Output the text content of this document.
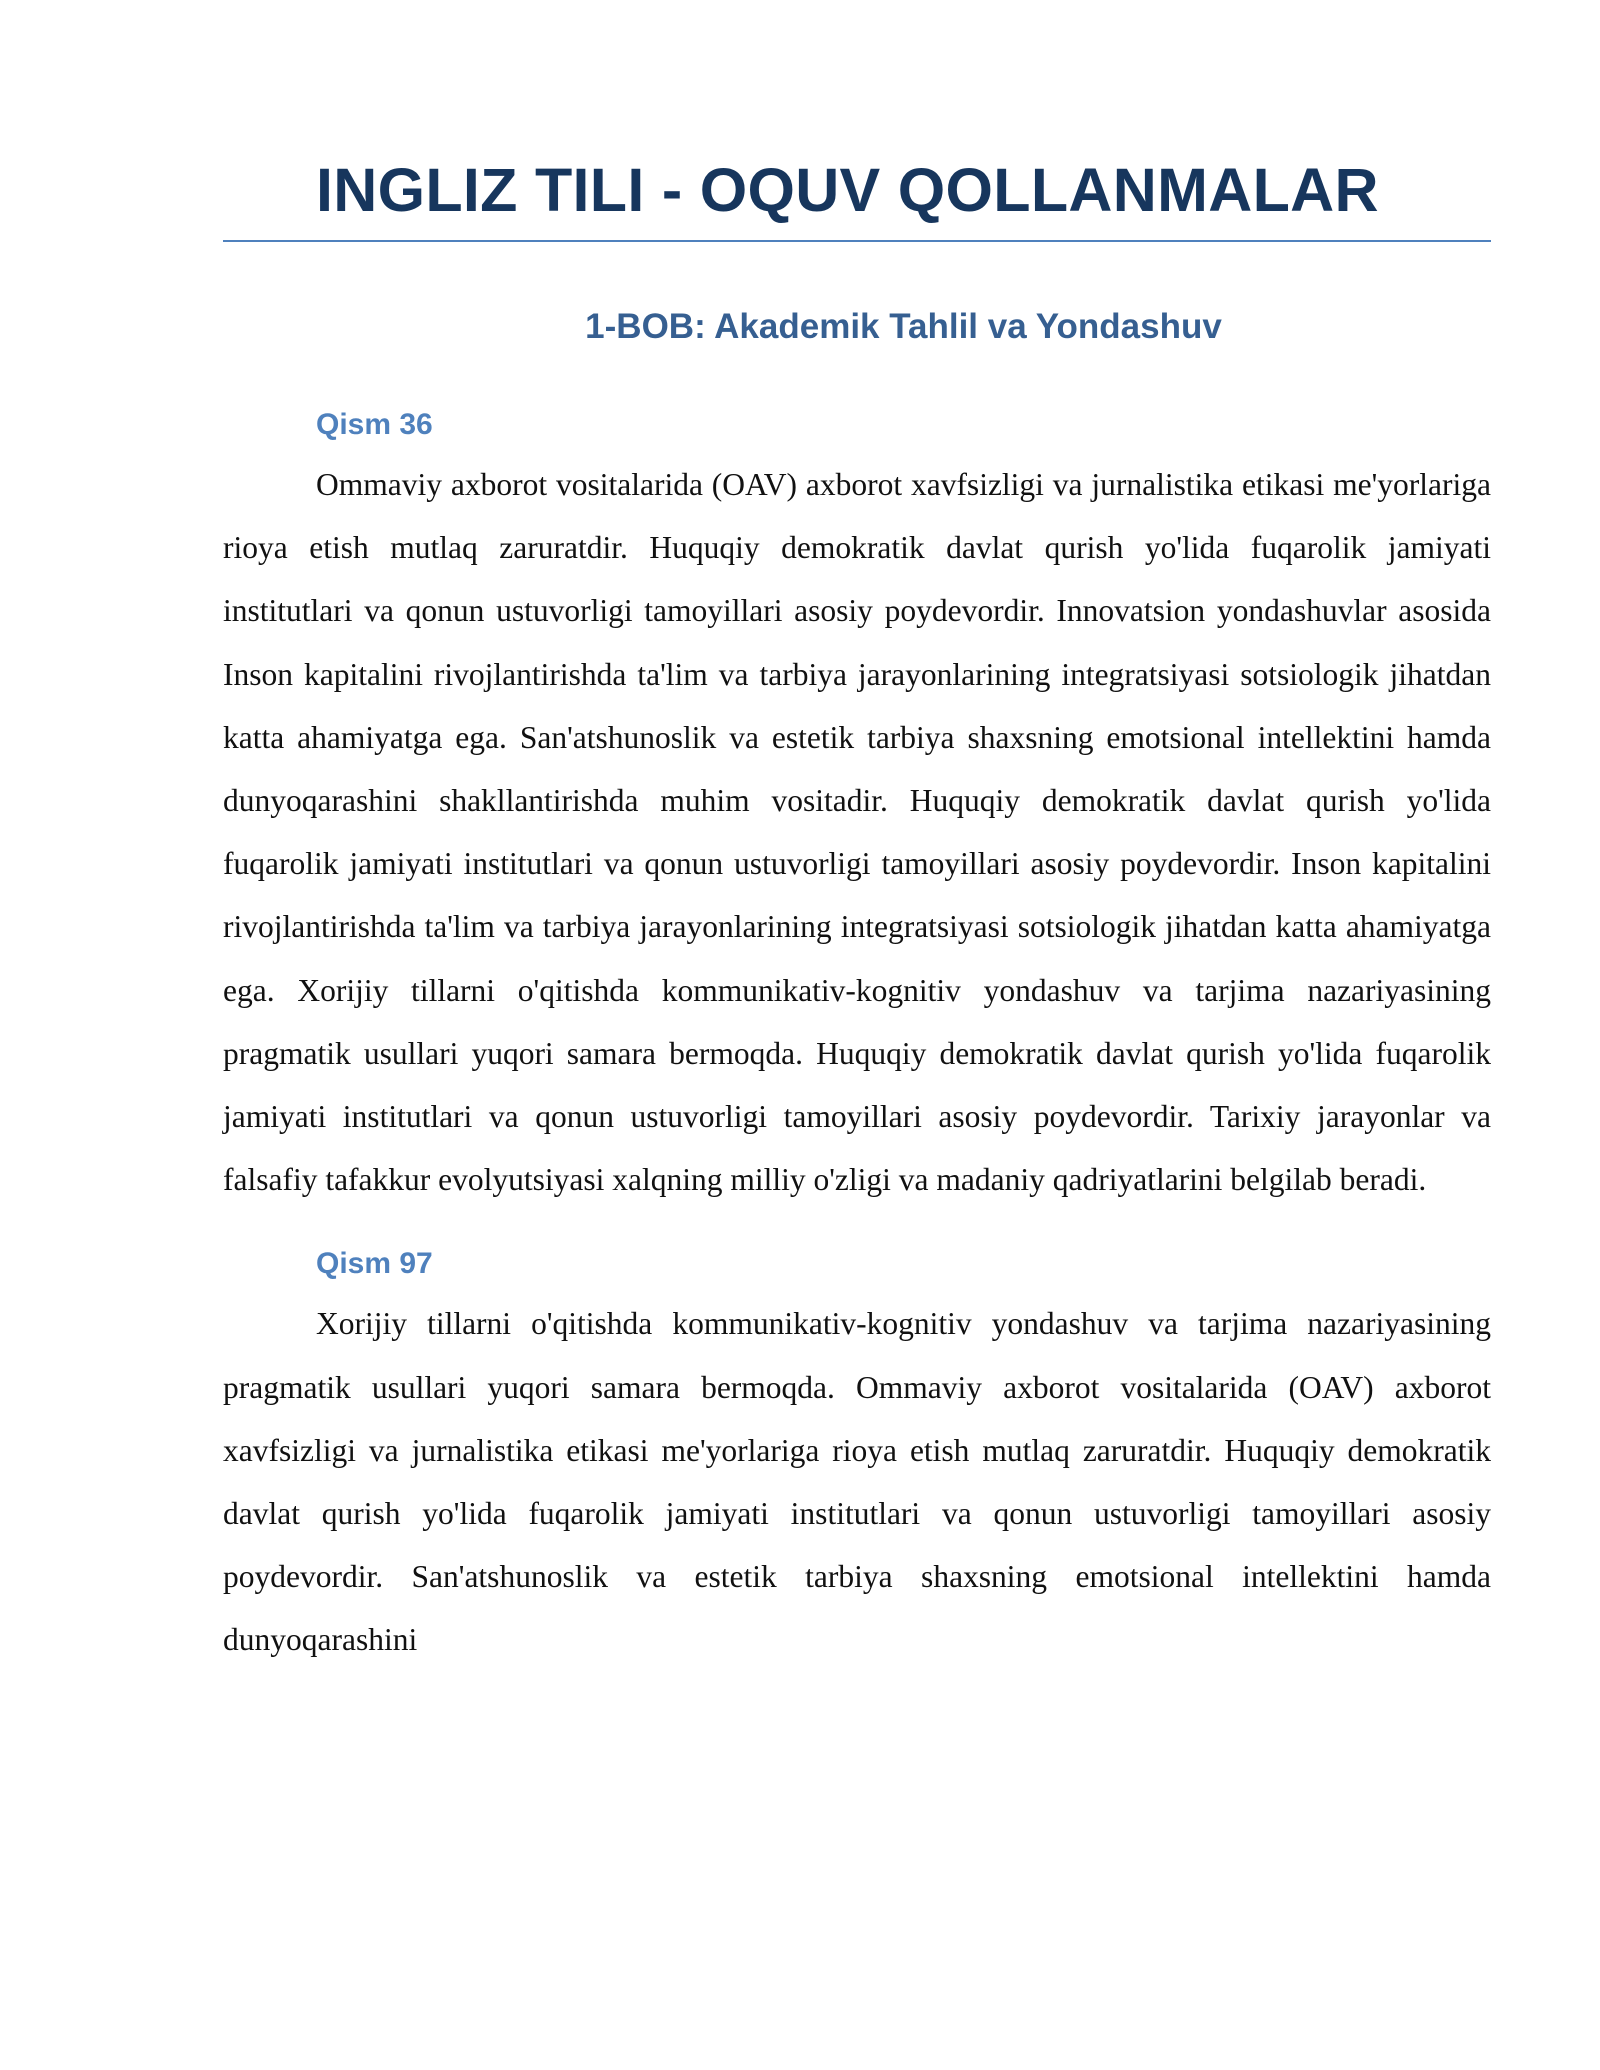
INGLIZ TILI - OQUV QOLLANMALAR
1-BOB: Akademik Tahlil va Yondashuv
Qism 36

Ommaviy axborot vositalarida (OAV) axborot xavfsizligi va jurnalistika etikasi me'yorlariga rioya etish mutlaq zaruratdir. Huquqiy demokratik davlat qurish yo'lida fuqarolik jamiyati institutlari va qonun ustuvorligi tamoyillari asosiy poydevordir. Innovatsion yondashuvlar asosida Inson kapitalini rivojlantirishda ta'lim va tarbiya jarayonlarining integratsiyasi sotsiologik jihatdan katta ahamiyatga ega. San'atshunoslik va estetik tarbiya shaxsning emotsional intellektini hamda dunyoqarashini shakllantirishda muhim vositadir. Huquqiy demokratik davlat qurish yo'lida fuqarolik jamiyati institutlari va qonun ustuvorligi tamoyillari asosiy poydevordir. Inson kapitalini rivojlantirishda ta'lim va tarbiya jarayonlarining integratsiyasi sotsiologik jihatdan katta ahamiyatga ega. Xorijiy tillarni o'qitishda kommunikativ-kognitiv yondashuv va tarjima nazariyasining pragmatik usullari yuqori samara bermoqda. Huquqiy demokratik davlat qurish yo'lida fuqarolik jamiyati institutlari va qonun ustuvorligi tamoyillari asosiy poydevordir. Tarixiy jarayonlar va falsafiy tafakkur evolyutsiyasi xalqning milliy o'zligi va madaniy qadriyatlarini belgilab beradi.

Qism 97

Xorijiy tillarni o'qitishda kommunikativ-kognitiv yondashuv va tarjima nazariyasining pragmatik usullari yuqori samara bermoqda. Ommaviy axborot vositalarida (OAV) axborot xavfsizligi va jurnalistika etikasi me'yorlariga rioya etish mutlaq zaruratdir. Huquqiy demokratik davlat qurish yo'lida fuqarolik jamiyati institutlari va qonun ustuvorligi tamoyillari asosiy poydevordir. San'atshunoslik va estetik tarbiya shaxsning emotsional intellektini hamda dunyoqarashini
